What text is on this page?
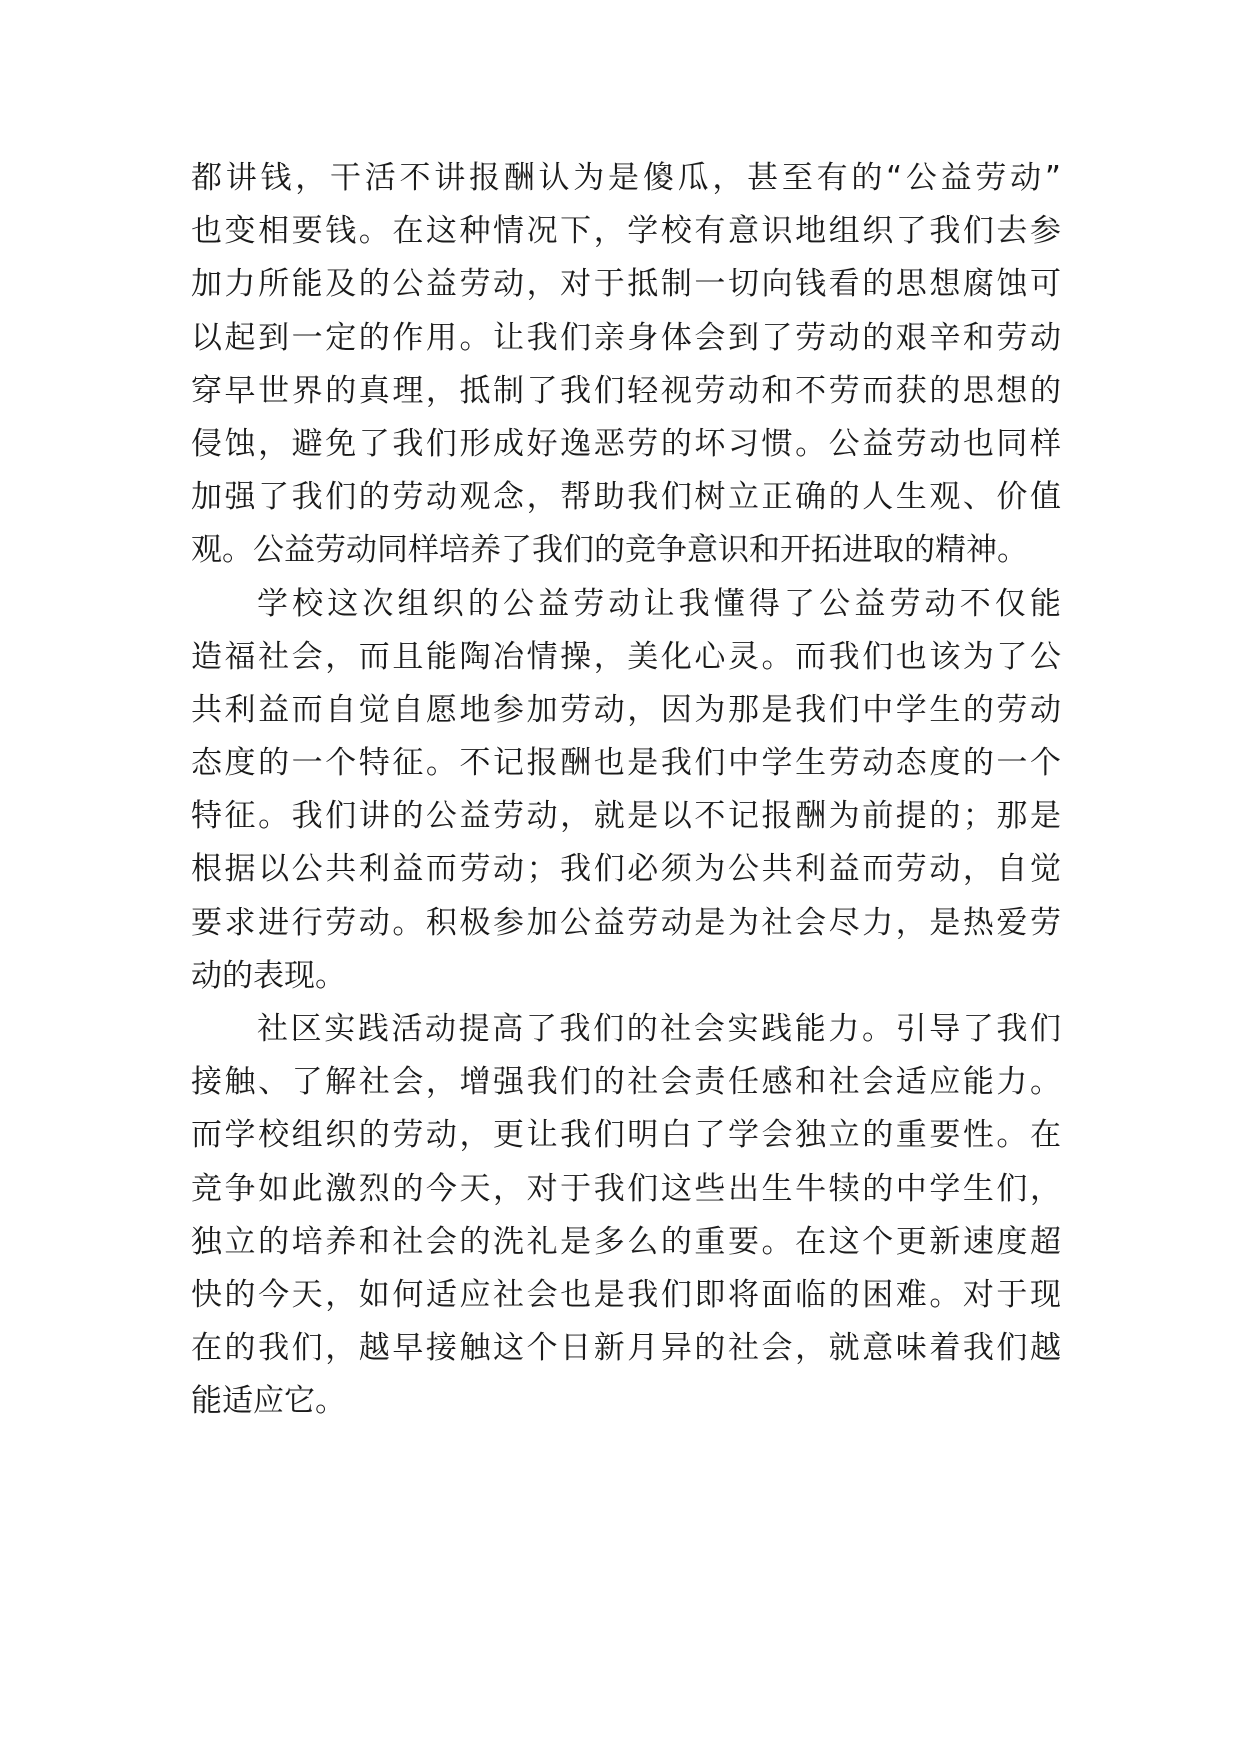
都讲钱，干活不讲报酬认为是傻瓜，甚至有的“公益劳动”
也变相要钱。在这种情况下，学校有意识地组织了我们去参
加力所能及的公益劳动，对于抵制一切向钱看的思想腐蚀可
以起到一定的作用。让我们亲身体会到了劳动的艰辛和劳动
穿早世界的真理，抵制了我们轻视劳动和不劳而获的思想的
侵蚀，避免了我们形成好逸恶劳的坏习惯。公益劳动也同样
加强了我们的劳动观念，帮助我们树立正确的人生观、价值
观。公益劳动同样培养了我们的竞争意识和开拓进取的精神。
学校这次组织的公益劳动让我懂得了公益劳动不仅能
造福社会，而且能陶冶情操，美化心灵。而我们也该为了公
共利益而自觉自愿地参加劳动，因为那是我们中学生的劳动
态度的一个特征。不记报酬也是我们中学生劳动态度的一个
特征。我们讲的公益劳动，就是以不记报酬为前提的；那是
根据以公共利益而劳动；我们必须为公共利益而劳动，自觉
要求进行劳动。积极参加公益劳动是为社会尽力，是热爱劳
动的表现。
社区实践活动提高了我们的社会实践能力。引导了我们
接触、了解社会，增强我们的社会责任感和社会适应能力。
而学校组织的劳动，更让我们明白了学会独立的重要性。在
竞争如此激烈的今天，对于我们这些出生牛犊的中学生们，
独立的培养和社会的洗礼是多么的重要。在这个更新速度超
快的今天，如何适应社会也是我们即将面临的困难。对于现
在的我们，越早接触这个日新月异的社会，就意味着我们越
能适应它。
